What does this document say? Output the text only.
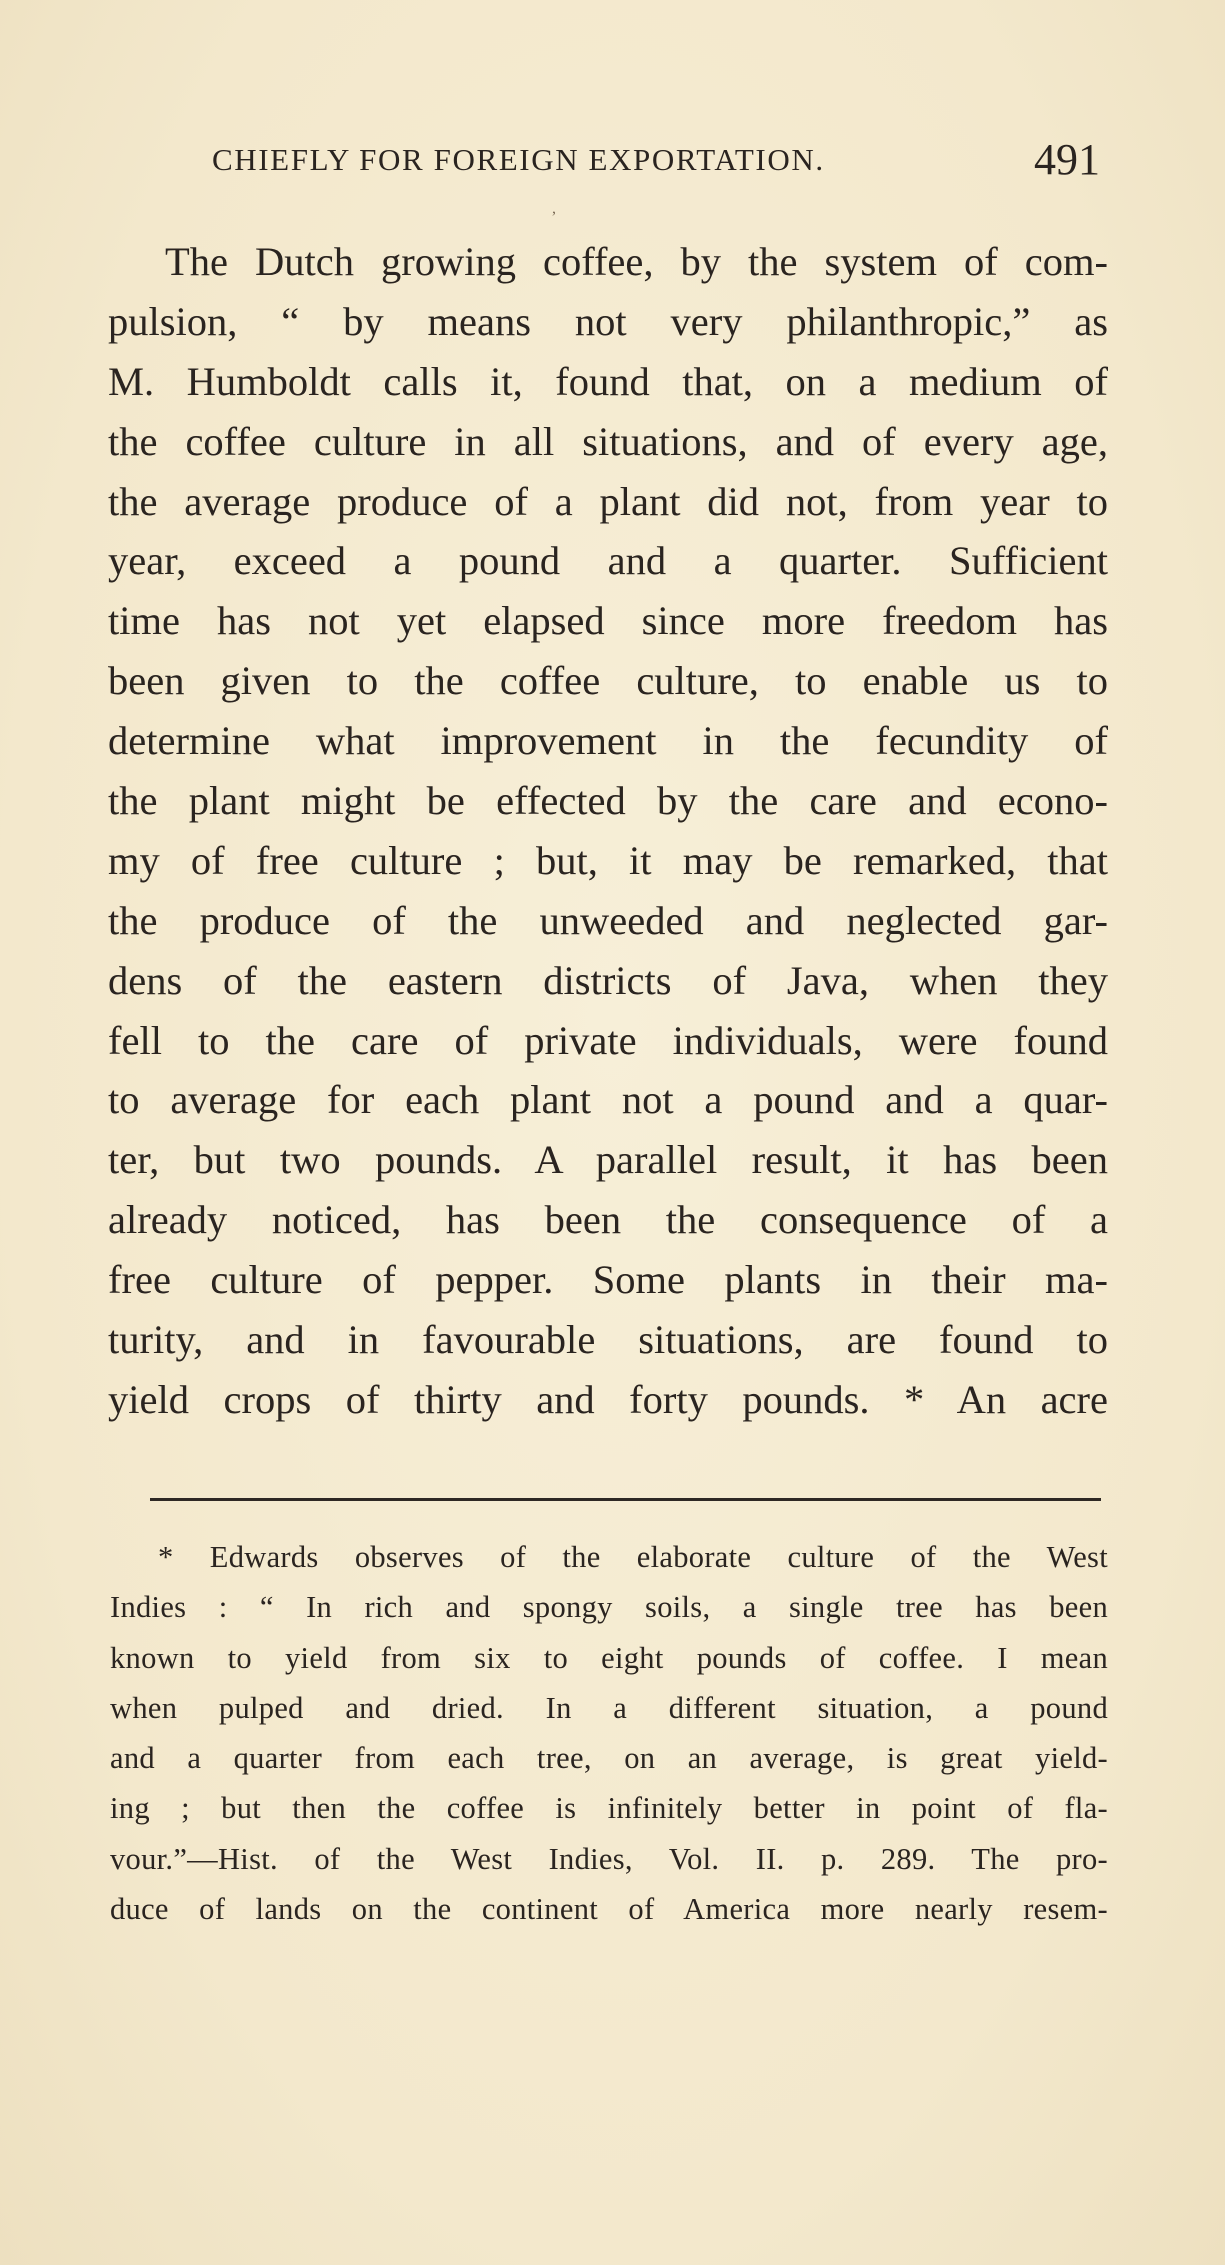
CHIEFLY FOR FOREIGN EXPORTATION.	491
,
The Dutch growing coffee, by the system of com-
pulsion, “ by means not very philanthropic,” as
M. Humboldt calls it, found that, on a medium of
the coffee culture in all situations, and of every age,
the average produce of a plant did not, from year to
year, exceed a pound and a quarter. Sufficient
time has not yet elapsed since more freedom has
been given to the coffee culture, to enable us to
determine what improvement in the fecundity of
the plant might be effected by the care and econo-
my of free culture ; but, it may be remarked, that
the produce of the unweeded and neglected gar-
dens of the eastern districts of Java, when they
fell to the care of private individuals, were found
to average for each plant not a pound and a quar-
ter, but two pounds. A parallel result, it has been
already noticed, has been the consequence of a
free culture of pepper. Some plants in their ma-
turity, and in favourable situations, are found to
yield crops of thirty and forty pounds. * An acre
* Edwards observes of the elaborate culture of the West
Indies : “ In rich and spongy soils, a single tree has been
known to yield from six to eight pounds of coffee. I mean
when pulped and dried. In a different situation, a pound
and a quarter from each tree, on an average, is great yield-
ing ; but then the coffee is infinitely better in point of fla-
vour.”—Hist. of the West Indies, Vol. II. p. 289. The pro-
duce of lands on the continent of America more nearly resem-
